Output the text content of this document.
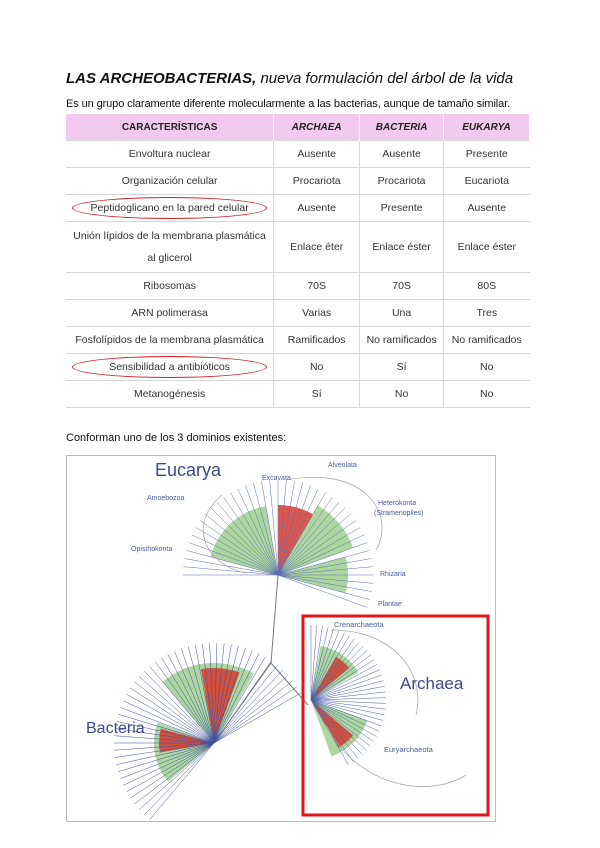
LAS ARCHEOBACTERIAS, nueva formulación del árbol de la vida
Es un grupo claramente diferente molecularmente a las bacterias, aunque de tamaño similar.
CARACTERÍSTICAS	ARCHAEA	BACTERIA	EUKARYA
Envoltura nuclear	Ausente	Ausente	Presente
Organización celular	Procariota	Procariota	Eucariota

Peptidoglicano en la pared celular	Ausente	Presente	Ausente
Unión lípidos de la membrana plasmática al glicerol	Enlace éter	Enlace éster	Enlace éster
Ribosomas	70S	70S	80S
ARN polimerasa	Varias	Una	Tres
Fosfolípidos de la membrana plasmática	Ramificados	No ramificados	No ramificados

Sensibilidad a antibióticos	No	Sí	No
Metanogénesis	Sí	No	No
Conforman uno de los 3 dominios existentes:
Eucarya
Bacteria
Archaea
Excavata
Alveolata
Amoebozoa
Heterokonta
(Stramenopiles)
Opisthokonta
Rhizaria
Plantae
Crenarchaeota
Euryarchaeota
